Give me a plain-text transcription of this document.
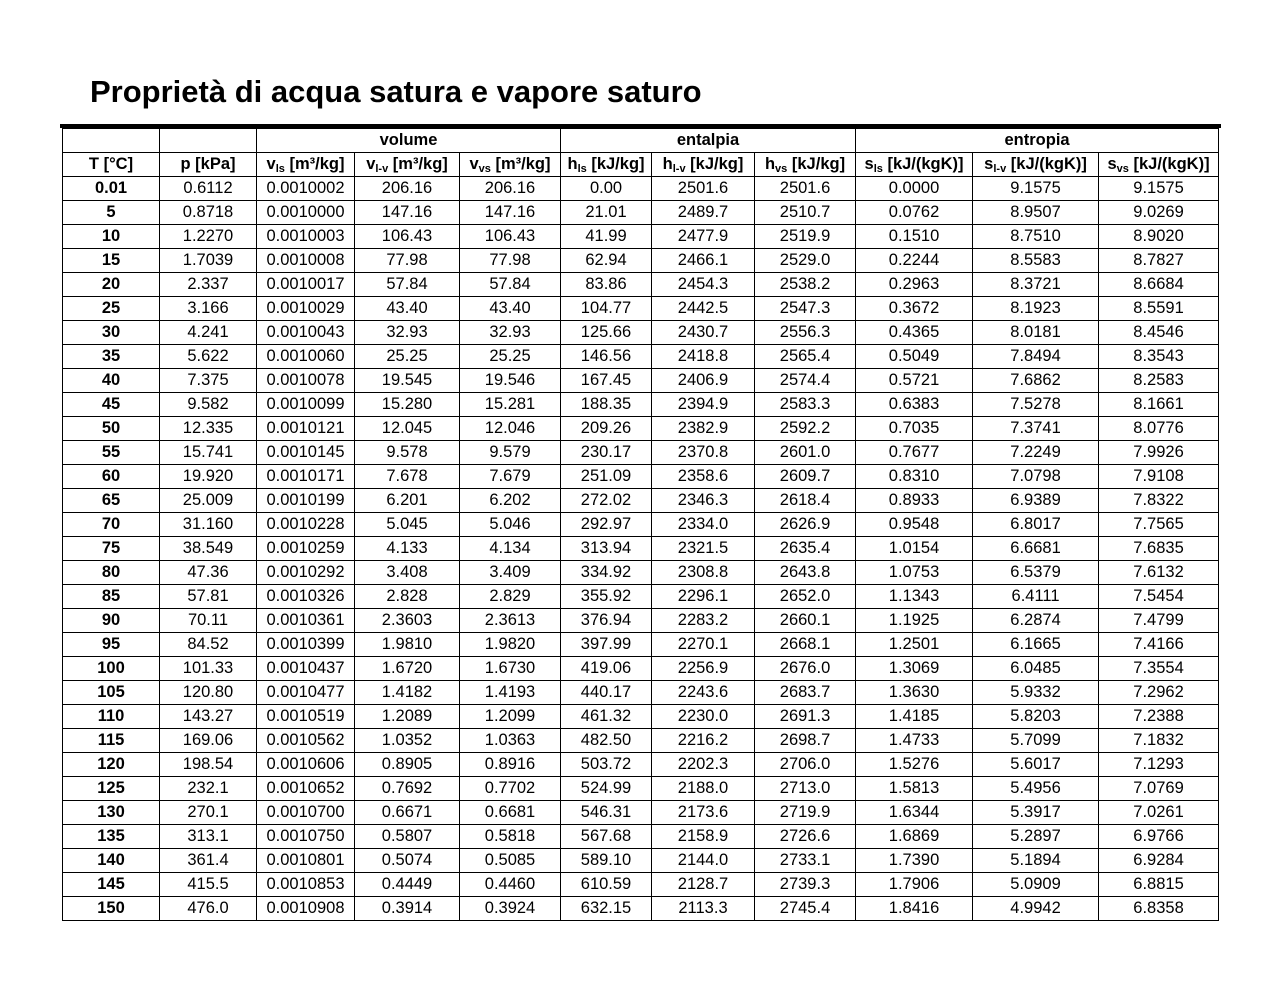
Proprietà di acqua satura e vapore saturo
		volume			entalpia			entropia		
T [°C]	p [kPa]	$v_{ls}$ [m³/kg]	$v_{l-v}$ [m³/kg]	$v_{vs}$ [m³/kg]	$h_{ls}$ [kJ/kg]	$h_{l-v}$ [kJ/kg]	$h_{vs}$ [kJ/kg]	$s_{ls}$ [kJ/(kgK)]	$s_{l-v}$ [kJ/(kgK)]	$s_{vs}$ [kJ/(kgK)]
0.01	0.6112	0.0010002	206.16	206.16	0.00	2501.6	2501.6	0.0000	9.1575	9.1575
5	0.8718	0.0010000	147.16	147.16	21.01	2489.7	2510.7	0.0762	8.9507	9.0269
10	1.2270	0.0010003	106.43	106.43	41.99	2477.9	2519.9	0.1510	8.7510	8.9020
15	1.7039	0.0010008	77.98	77.98	62.94	2466.1	2529.0	0.2244	8.5583	8.7827
20	2.337	0.0010017	57.84	57.84	83.86	2454.3	2538.2	0.2963	8.3721	8.6684
25	3.166	0.0010029	43.40	43.40	104.77	2442.5	2547.3	0.3672	8.1923	8.5591
30	4.241	0.0010043	32.93	32.93	125.66	2430.7	2556.3	0.4365	8.0181	8.4546
35	5.622	0.0010060	25.25	25.25	146.56	2418.8	2565.4	0.5049	7.8494	8.3543
40	7.375	0.0010078	19.545	19.546	167.45	2406.9	2574.4	0.5721	7.6862	8.2583
45	9.582	0.0010099	15.280	15.281	188.35	2394.9	2583.3	0.6383	7.5278	8.1661
50	12.335	0.0010121	12.045	12.046	209.26	2382.9	2592.2	0.7035	7.3741	8.0776
55	15.741	0.0010145	9.578	9.579	230.17	2370.8	2601.0	0.7677	7.2249	7.9926
60	19.920	0.0010171	7.678	7.679	251.09	2358.6	2609.7	0.8310	7.0798	7.9108
65	25.009	0.0010199	6.201	6.202	272.02	2346.3	2618.4	0.8933	6.9389	7.8322
70	31.160	0.0010228	5.045	5.046	292.97	2334.0	2626.9	0.9548	6.8017	7.7565
75	38.549	0.0010259	4.133	4.134	313.94	2321.5	2635.4	1.0154	6.6681	7.6835
80	47.36	0.0010292	3.408	3.409	334.92	2308.8	2643.8	1.0753	6.5379	7.6132
85	57.81	0.0010326	2.828	2.829	355.92	2296.1	2652.0	1.1343	6.4111	7.5454
90	70.11	0.0010361	2.3603	2.3613	376.94	2283.2	2660.1	1.1925	6.2874	7.4799
95	84.52	0.0010399	1.9810	1.9820	397.99	2270.1	2668.1	1.2501	6.1665	7.4166
100	101.33	0.0010437	1.6720	1.6730	419.06	2256.9	2676.0	1.3069	6.0485	7.3554
105	120.80	0.0010477	1.4182	1.4193	440.17	2243.6	2683.7	1.3630	5.9332	7.2962
110	143.27	0.0010519	1.2089	1.2099	461.32	2230.0	2691.3	1.4185	5.8203	7.2388
115	169.06	0.0010562	1.0352	1.0363	482.50	2216.2	2698.7	1.4733	5.7099	7.1832
120	198.54	0.0010606	0.8905	0.8916	503.72	2202.3	2706.0	1.5276	5.6017	7.1293
125	232.1	0.0010652	0.7692	0.7702	524.99	2188.0	2713.0	1.5813	5.4956	7.0769
130	270.1	0.0010700	0.6671	0.6681	546.31	2173.6	2719.9	1.6344	5.3917	7.0261
135	313.1	0.0010750	0.5807	0.5818	567.68	2158.9	2726.6	1.6869	5.2897	6.9766
140	361.4	0.0010801	0.5074	0.5085	589.10	2144.0	2733.1	1.7390	5.1894	6.9284
145	415.5	0.0010853	0.4449	0.4460	610.59	2128.7	2739.3	1.7906	5.0909	6.8815
150	476.0	0.0010908	0.3914	0.3924	632.15	2113.3	2745.4	1.8416	4.9942	6.8358
